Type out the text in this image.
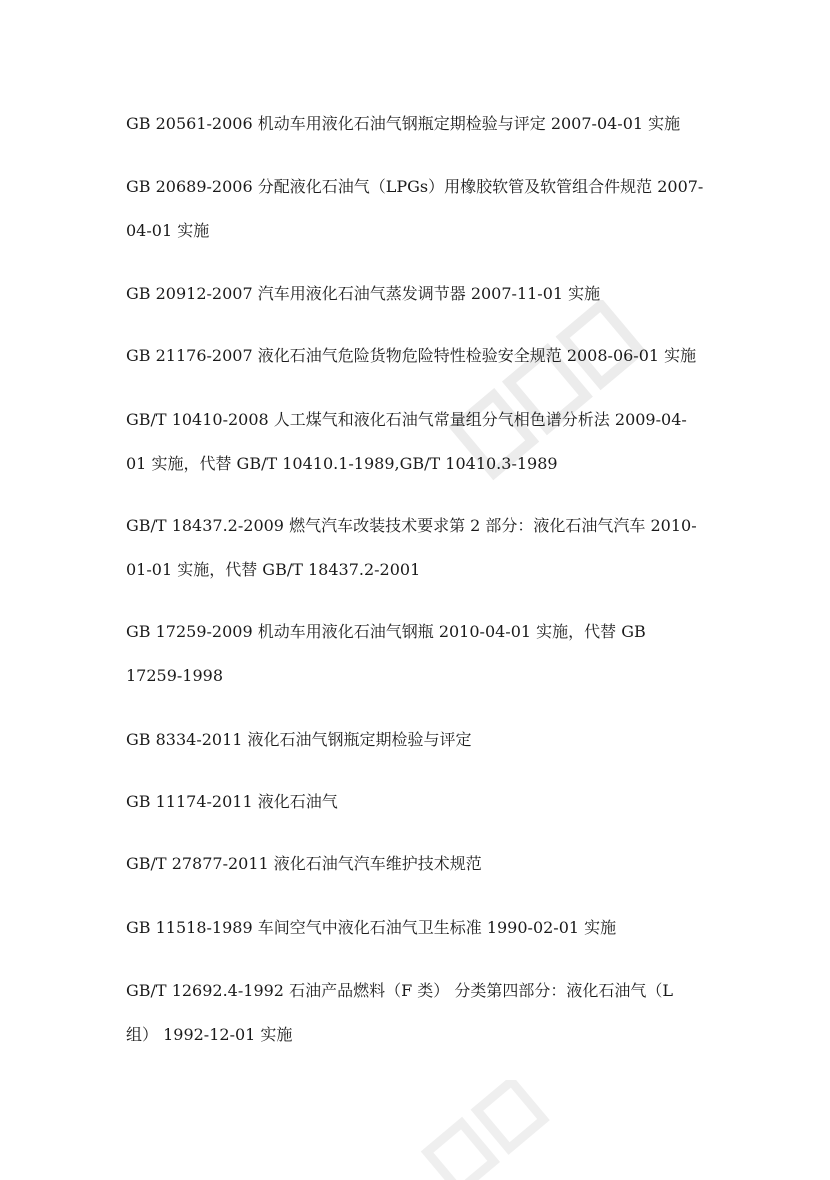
GB 20561-2006 机动车用液化石油气钢瓶定期检验与评定 2007-04-01 实施

GB 20689-2006 分配液化石油气（LPGs）用橡胶软管及软管组合件规范 2007-04-01 实施

GB 20912-2007 汽车用液化石油气蒸发调节器 2007-11-01 实施

GB 21176-2007 液化石油气危险货物危险特性检验安全规范 2008-06-01 实施

GB/T 10410-2008 人工煤气和液化石油气常量组分气相色谱分析法 2009-04-01 实施，代替 GB/T 10410.1-1989,GB/T 10410.3-1989

GB/T 18437.2-2009 燃气汽车改装技术要求第 2 部分：液化石油气汽车 2010-01-01 实施，代替 GB/T 18437.2-2001

GB 17259-2009 机动车用液化石油气钢瓶 2010-04-01 实施，代替 GB 17259-1998

GB 8334-2011 液化石油气钢瓶定期检验与评定

GB 11174-2011 液化石油气

GB/T 27877-2011 液化石油气汽车维护技术规范

GB 11518-1989 车间空气中液化石油气卫生标准 1990-02-01 实施

GB/T 12692.4-1992 石油产品燃料（F 类） 分类第四部分：液化石油气（L 组） 1992-12-01 实施
